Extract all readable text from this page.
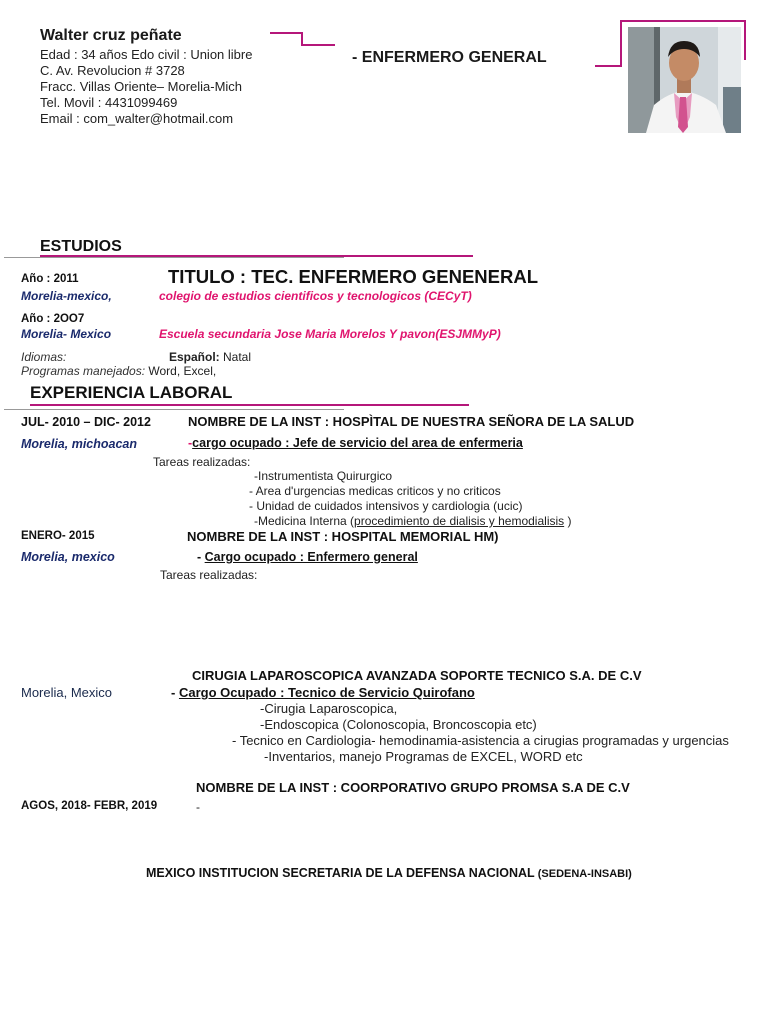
Walter cruz peñate
Edad : 34 años Edo civil : Union libre
C. Av. Revolucion # 3728
Fracc. Villas Oriente– Morelia-Mich
Tel. Movil : 4431099469
Email : com_walter@hotmail.com
- ENFERMERO GENERAL
ESTUDIOS
Año : 2011	TITULO : TEC. ENFERMERO GENENERAL
Morelia-mexico,	colegio de estudios cientificos y tecnologicos (CECyT)
Año : 2OO7
Morelia- Mexico	Escuela secundaria Jose Maria Morelos Y pavon(ESJMMyP)
Idiomas:	Español: Natal
Programas manejados: Word, Excel,
EXPERIENCIA LABORAL
JUL- 2010 – DIC- 2012	NOMBRE DE LA INST : HOSPÌTAL DE NUESTRA SEÑORA DE LA SALUD
Morelia, michoacan	-cargo ocupado : Jefe de servicio del area de enfermeria
Tareas realizadas:
-Instrumentista Quirurgico
- Area d'urgencias medicas criticos y no criticos
- Unidad de cuidados intensivos y cardiologia (ucic)
-Medicina Interna (procedimiento de dialisis y hemodialisis )
ENERO- 2015	NOMBRE DE LA INST : HOSPITAL MEMORIAL HM)
Morelia, mexico	- Cargo ocupado : Enfermero general
Tareas realizadas:
CIRUGIA LAPAROSCOPICA AVANZADA SOPORTE TECNICO S.A. DE C.V
Morelia, Mexico	- Cargo Ocupado : Tecnico de Servicio Quirofano
-Cirugia Laparoscopica,
-Endoscopica (Colonoscopia, Broncoscopia etc)
- Tecnico en Cardiologia- hemodinamia-asistencia a cirugias programadas y urgencias
-Inventarios, manejo Programas de EXCEL, WORD etc
NOMBRE DE LA INST : COORPORATIVO GRUPO PROMSA S.A DE C.V
AGOS, 2018- FEBR, 2019	-
MEXICO INSTITUCION SECRETARIA DE LA DEFENSA NACIONAL (SEDENA-INSABI)
